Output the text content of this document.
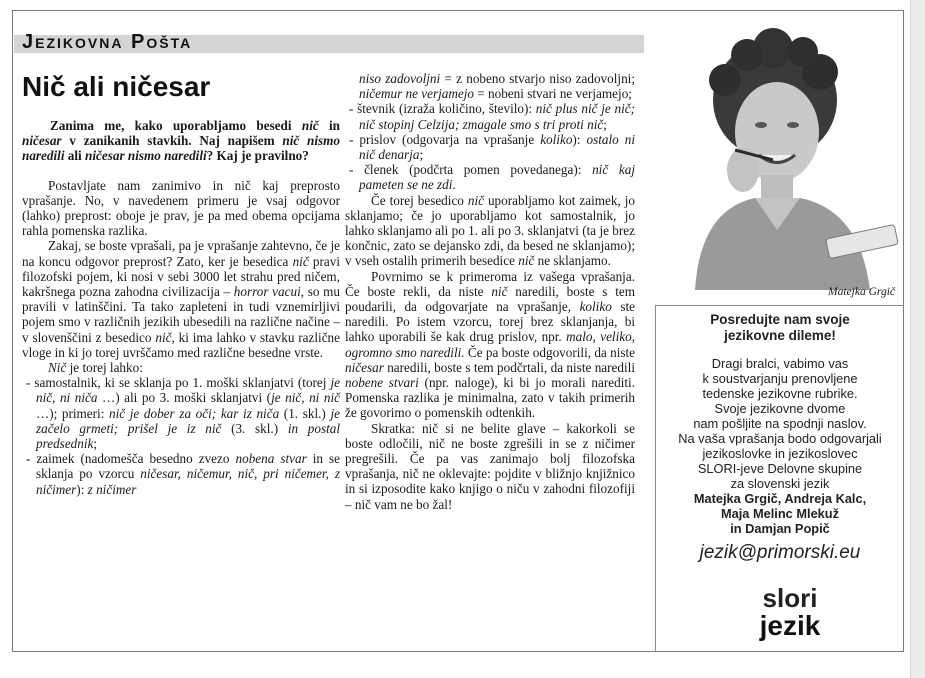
Jezikovna Pošta
Nič ali ničesar

Zanima me, kako uporabljamo besedi nič in ničesar v zanikanih stavkih. Naj napišem nič nismo naredili ali ničesar nismo naredili? Kaj je pravilno?

Postavljate nam zanimivo in nič kaj preprosto vprašanje. No, v navedenem primeru je vsaj odgovor (lahko) preprost: oboje je prav, je pa med obema opcijama rahla pomenska razlika.

Zakaj, se boste vprašali, pa je vprašanje zahtevno, če je na koncu odgovor preprost? Zato, ker je besedica nič pravi filozofski pojem, ki nosi v sebi 3000 let strahu pred ničem, kakršnega pozna zahodna civilizacija – horror vacui, so mu pravili v latinščini. Ta tako zapleteni in tudi vznemirljivi pojem smo v različnih jezikih ubesedili na različne načine – v slovenščini z besedico nič, ki ima lahko v stavku različne vloge in ki jo torej uvrščamo med različne besedne vrste.

Nič je torej lahko:

- samostalnik, ki se sklanja po 1. moški sklanjatvi (torej je nič, ni niča …) ali po 3. moški sklanjatvi (je nič, ni nič …); primeri: nič je dober za oči; kar iz niča (1. skl.) je začelo grmeti; prišel je iz nič (3. skl.) in postal predsednik;

- zaimek (nadomešča besedno zvezo nobena stvar in se sklanja po vzorcu ničesar, ničemur, nič, pri ničemer, z ničimer): z ničimer

niso zadovoljni = z nobeno stvarjo niso zadovoljni; ničemur ne verjamejo = nobeni stvari ne verjamejo;

- števnik (izraža količino, število): nič plus nič je nič; nič stopinj Celzija; zmagale smo s tri proti nič;

- prislov (odgovarja na vprašanje koliko): ostalo ni nič denarja;

- členek (podčrta pomen povedanega): nič kaj pameten se ne zdi.

Če torej besedico nič uporabljamo kot zaimek, jo sklanjamo; če jo uporabljamo kot samostalnik, jo lahko sklanjamo ali po 1. ali po 3. sklanjatvi (ta je brez končnic, zato se dejansko zdi, da besed ne sklanjamo); v vseh ostalih primerih besedice nič ne sklanjamo.

Povrnimo se k primeroma iz vašega vprašanja. Če boste rekli, da niste nič naredili, boste s tem poudarili, da odgovarjate na vprašanje, koliko ste naredili. Po istem vzorcu, torej brez sklanjanja, bi lahko uporabili še kak drug prislov, npr. malo, veliko, ogromno smo naredili. Če pa boste odgovorili, da niste ničesar naredili, boste s tem podčrtali, da niste naredili nobene stvari (npr. naloge), ki bi jo morali narediti. Pomenska razlika je minimalna, zato v takih primerih že govorimo o pomenskih odtenkih.

Skratka: nič si ne belite glave – kakorkoli se boste odločili, nič ne boste zgrešili in se z ničimer pregrešili. Če pa vas zanimajo bolj filozofska vprašanja, nič ne oklevajte: pojdite v bližnjo knjižnico in si izposodite kako knjigo o niču v zahodni filozofiji – nič vam ne bo žal!

Matejka Grgič
Posredujte nam svoje
jezikovne dileme!
Dragi bralci, vabimo vas
k soustvarjanju prenovljene
tedenske jezikovne rubrike.
Svoje jezikovne dvome
nam pošljite na spodnji naslov.
Na vaša vprašanja bodo odgovarjali
jezikoslovke in jezikoslovec
SLORI-jeve Delovne skupine
za slovenski jezik
Matejka Grgič, Andreja Kalc,
Maja Melinc Mlekuž
in Damjan Popič
jezik@primorski.eu
slori
jezik
